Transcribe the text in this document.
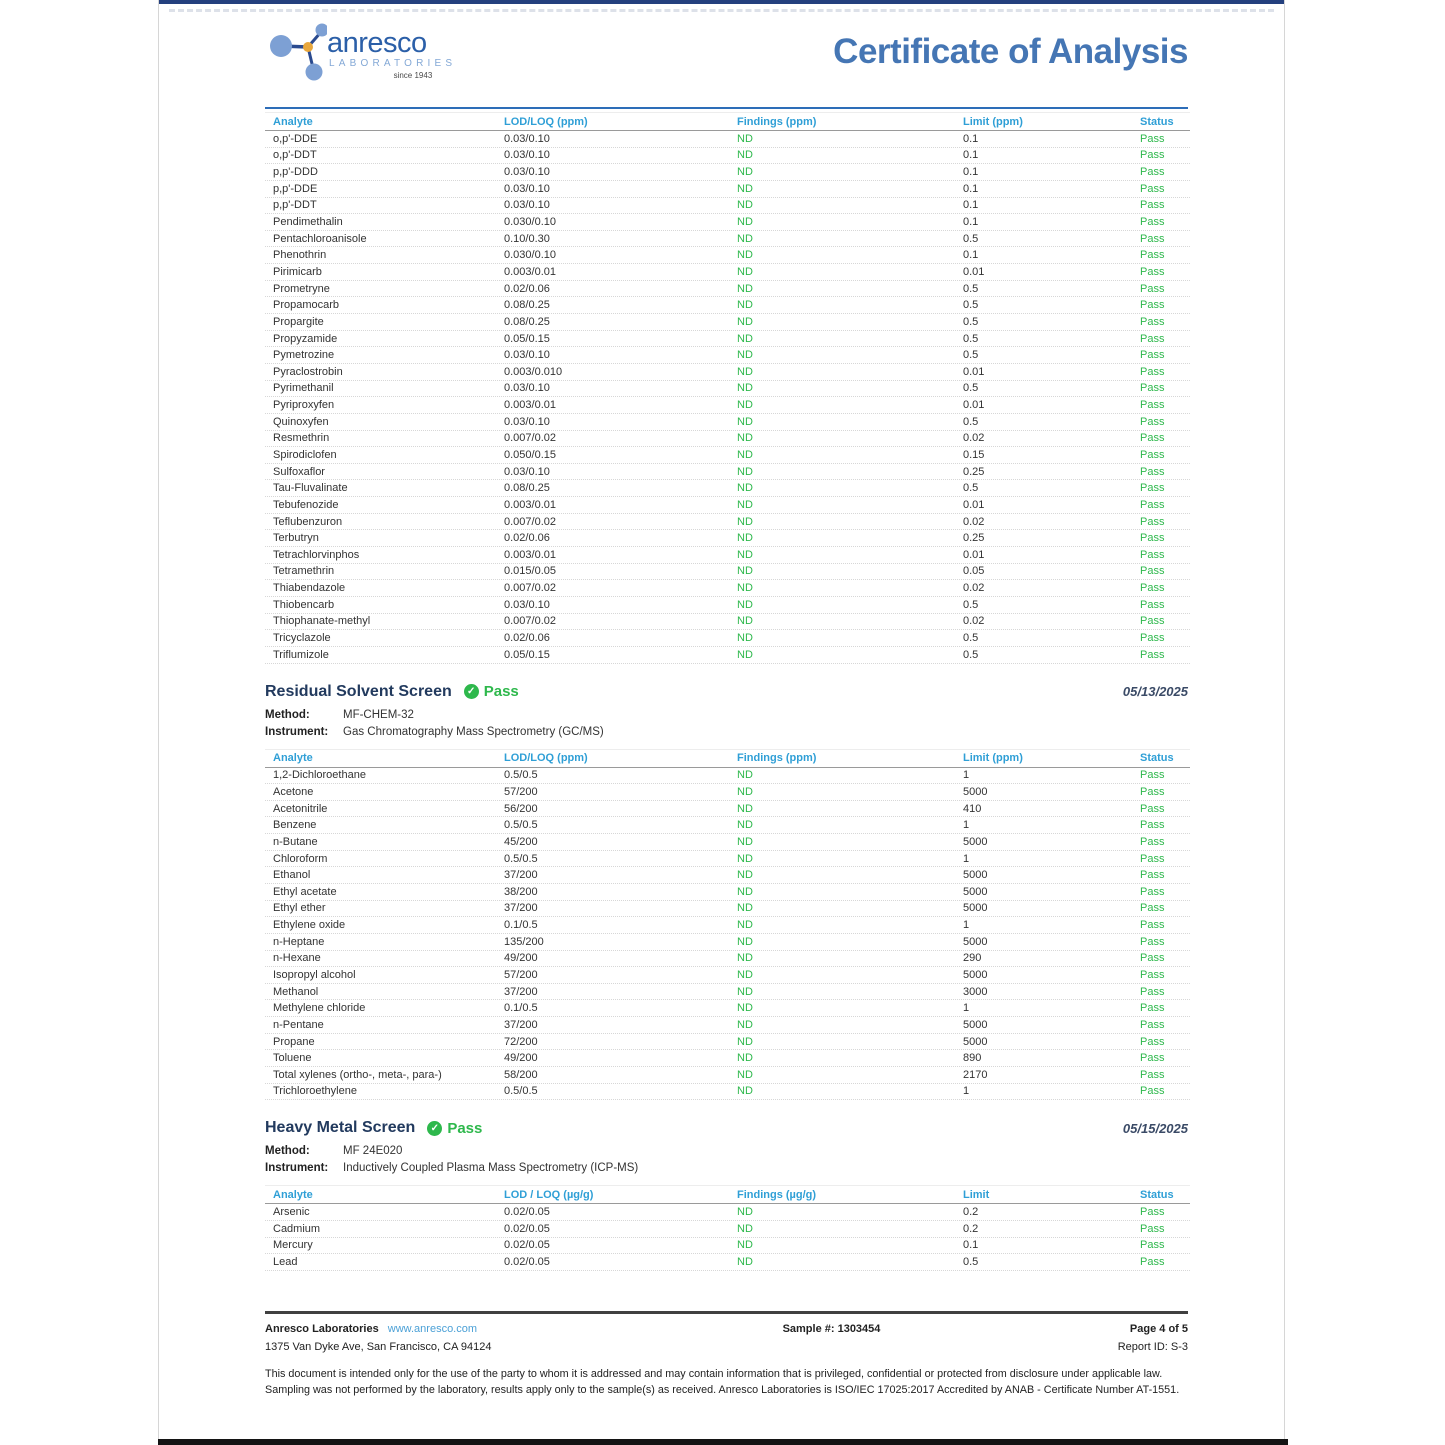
anresco
LABORATORIES
since 1943
Certificate of Analysis
Analyte	LOD/LOQ (ppm)	Findings (ppm)	Limit (ppm)	Status
o,p'-DDE	0.03/0.10	ND	0.1	Pass
o,p'-DDT	0.03/0.10	ND	0.1	Pass
p,p'-DDD	0.03/0.10	ND	0.1	Pass
p,p'-DDE	0.03/0.10	ND	0.1	Pass
p,p'-DDT	0.03/0.10	ND	0.1	Pass
Pendimethalin	0.030/0.10	ND	0.1	Pass
Pentachloroanisole	0.10/0.30	ND	0.5	Pass
Phenothrin	0.030/0.10	ND	0.1	Pass
Pirimicarb	0.003/0.01	ND	0.01	Pass
Prometryne	0.02/0.06	ND	0.5	Pass
Propamocarb	0.08/0.25	ND	0.5	Pass
Propargite	0.08/0.25	ND	0.5	Pass
Propyzamide	0.05/0.15	ND	0.5	Pass
Pymetrozine	0.03/0.10	ND	0.5	Pass
Pyraclostrobin	0.003/0.010	ND	0.01	Pass
Pyrimethanil	0.03/0.10	ND	0.5	Pass
Pyriproxyfen	0.003/0.01	ND	0.01	Pass
Quinoxyfen	0.03/0.10	ND	0.5	Pass
Resmethrin	0.007/0.02	ND	0.02	Pass
Spirodiclofen	0.050/0.15	ND	0.15	Pass
Sulfoxaflor	0.03/0.10	ND	0.25	Pass
Tau-Fluvalinate	0.08/0.25	ND	0.5	Pass
Tebufenozide	0.003/0.01	ND	0.01	Pass
Teflubenzuron	0.007/0.02	ND	0.02	Pass
Terbutryn	0.02/0.06	ND	0.25	Pass
Tetrachlorvinphos	0.003/0.01	ND	0.01	Pass
Tetramethrin	0.015/0.05	ND	0.05	Pass
Thiabendazole	0.007/0.02	ND	0.02	Pass
Thiobencarb	0.03/0.10	ND	0.5	Pass
Thiophanate-methyl	0.007/0.02	ND	0.02	Pass
Tricyclazole	0.02/0.06	ND	0.5	Pass
Triflumizole	0.05/0.15	ND	0.5	Pass
Residual Solvent Screen	✓ Pass	05/13/2025
Method:	MF-CHEM-32
Instrument: Gas Chromatography Mass Spectrometry (GC/MS)
Analyte	LOD/LOQ (ppm)	Findings (ppm)	Limit (ppm)	Status
1,2-Dichloroethane	0.5/0.5	ND	1	Pass
Acetone	57/200	ND	5000	Pass
Acetonitrile	56/200	ND	410	Pass
Benzene	0.5/0.5	ND	1	Pass
n-Butane	45/200	ND	5000	Pass
Chloroform	0.5/0.5	ND	1	Pass
Ethanol	37/200	ND	5000	Pass
Ethyl acetate	38/200	ND	5000	Pass
Ethyl ether	37/200	ND	5000	Pass
Ethylene oxide	0.1/0.5	ND	1	Pass
n-Heptane	135/200	ND	5000	Pass
n-Hexane	49/200	ND	290	Pass
Isopropyl alcohol	57/200	ND	5000	Pass
Methanol	37/200	ND	3000	Pass
Methylene chloride	0.1/0.5	ND	1	Pass
n-Pentane	37/200	ND	5000	Pass
Propane	72/200	ND	5000	Pass
Toluene	49/200	ND	890	Pass
Total xylenes (ortho-, meta-, para-)	58/200	ND	2170	Pass
Trichloroethylene	0.5/0.5	ND	1	Pass
Heavy Metal Screen	✓ Pass	05/15/2025
Method:	MF 24E020
Instrument: Inductively Coupled Plasma Mass Spectrometry (ICP-MS)
Analyte	LOD / LOQ (µg/g)	Findings (µg/g)	Limit	Status
Arsenic	0.02/0.05	ND	0.2	Pass
Cadmium	0.02/0.05	ND	0.2	Pass
Mercury	0.02/0.05	ND	0.1	Pass
Lead	0.02/0.05	ND	0.5	Pass
Anresco Laboratories www.anresco.com
1375 Van Dyke Ave, San Francisco, CA 94124
Sample #: 1303454	Page 4 of 5
Report ID: S-3
This document is intended only for the use of the party to whom it is addressed and may contain information that is privileged, confidential or protected from disclosure under applicable law. Sampling was not performed by the laboratory, results apply only to the sample(s) as received. Anresco Laboratories is ISO/IEC 17025:2017 Accredited by ANAB - Certificate Number AT-1551.
